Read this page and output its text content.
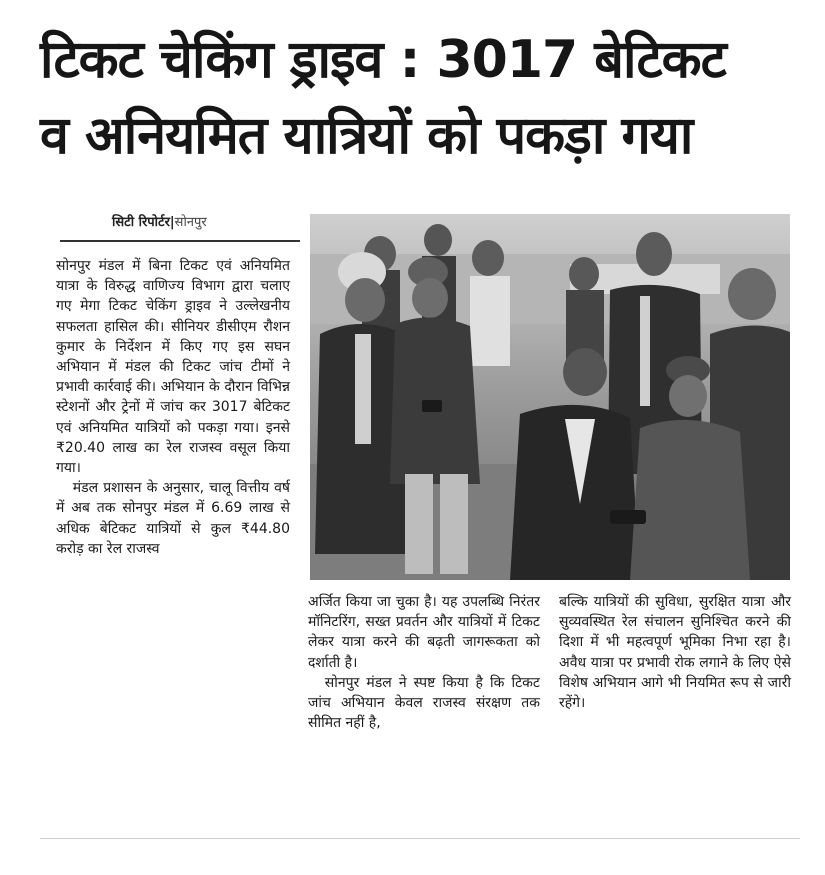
टिकट चेकिंग ड्राइव : 3017 बेटिकट
व अनियमित यात्रियों को पकड़ा गया
सिटी रिपोर्टर|सोनपुर

सोनपुर मंडल में बिना टिकट एवं अनियमित यात्रा के विरुद्ध वाणिज्य विभाग द्वारा चलाए गए मेगा टिकट चेकिंग ड्राइव ने उल्लेखनीय सफलता हासिल की। सीनियर डीसीएम रौशन कुमार के निर्देशन में किए गए इस सघन अभियान में मंडल की टिकट जांच टीमों ने प्रभावी कार्रवाई की। अभियान के दौरान विभिन्न स्टेशनों और ट्रेनों में जांच कर 3017 बेटिकट एवं अनियमित यात्रियों को पकड़ा गया। इनसे ₹20.40 लाख का रेल राजस्व वसूल किया गया।

मंडल प्रशासन के अनुसार, चालू वित्तीय वर्ष में अब तक सोनपुर मंडल में 6.69 लाख से अधिक बेटिकट यात्रियों से कुल ₹44.80 करोड़ का रेल राजस्व

अर्जित किया जा चुका है। यह उपलब्धि निरंतर मॉनिटरिंग, सख्त प्रवर्तन और यात्रियों में टिकट लेकर यात्रा करने की बढ़ती जागरूकता को दर्शाती है।

सोनपुर मंडल ने स्पष्ट किया है कि टिकट जांच अभियान केवल राजस्व संरक्षण तक सीमित नहीं है,

बल्कि यात्रियों की सुविधा, सुरक्षित यात्रा और सुव्यवस्थित रेल संचालन सुनिश्चित करने की दिशा में भी महत्वपूर्ण भूमिका निभा रहा है। अवैध यात्रा पर प्रभावी रोक लगाने के लिए ऐसे विशेष अभियान आगे भी नियमित रूप से जारी रहेंगे।
